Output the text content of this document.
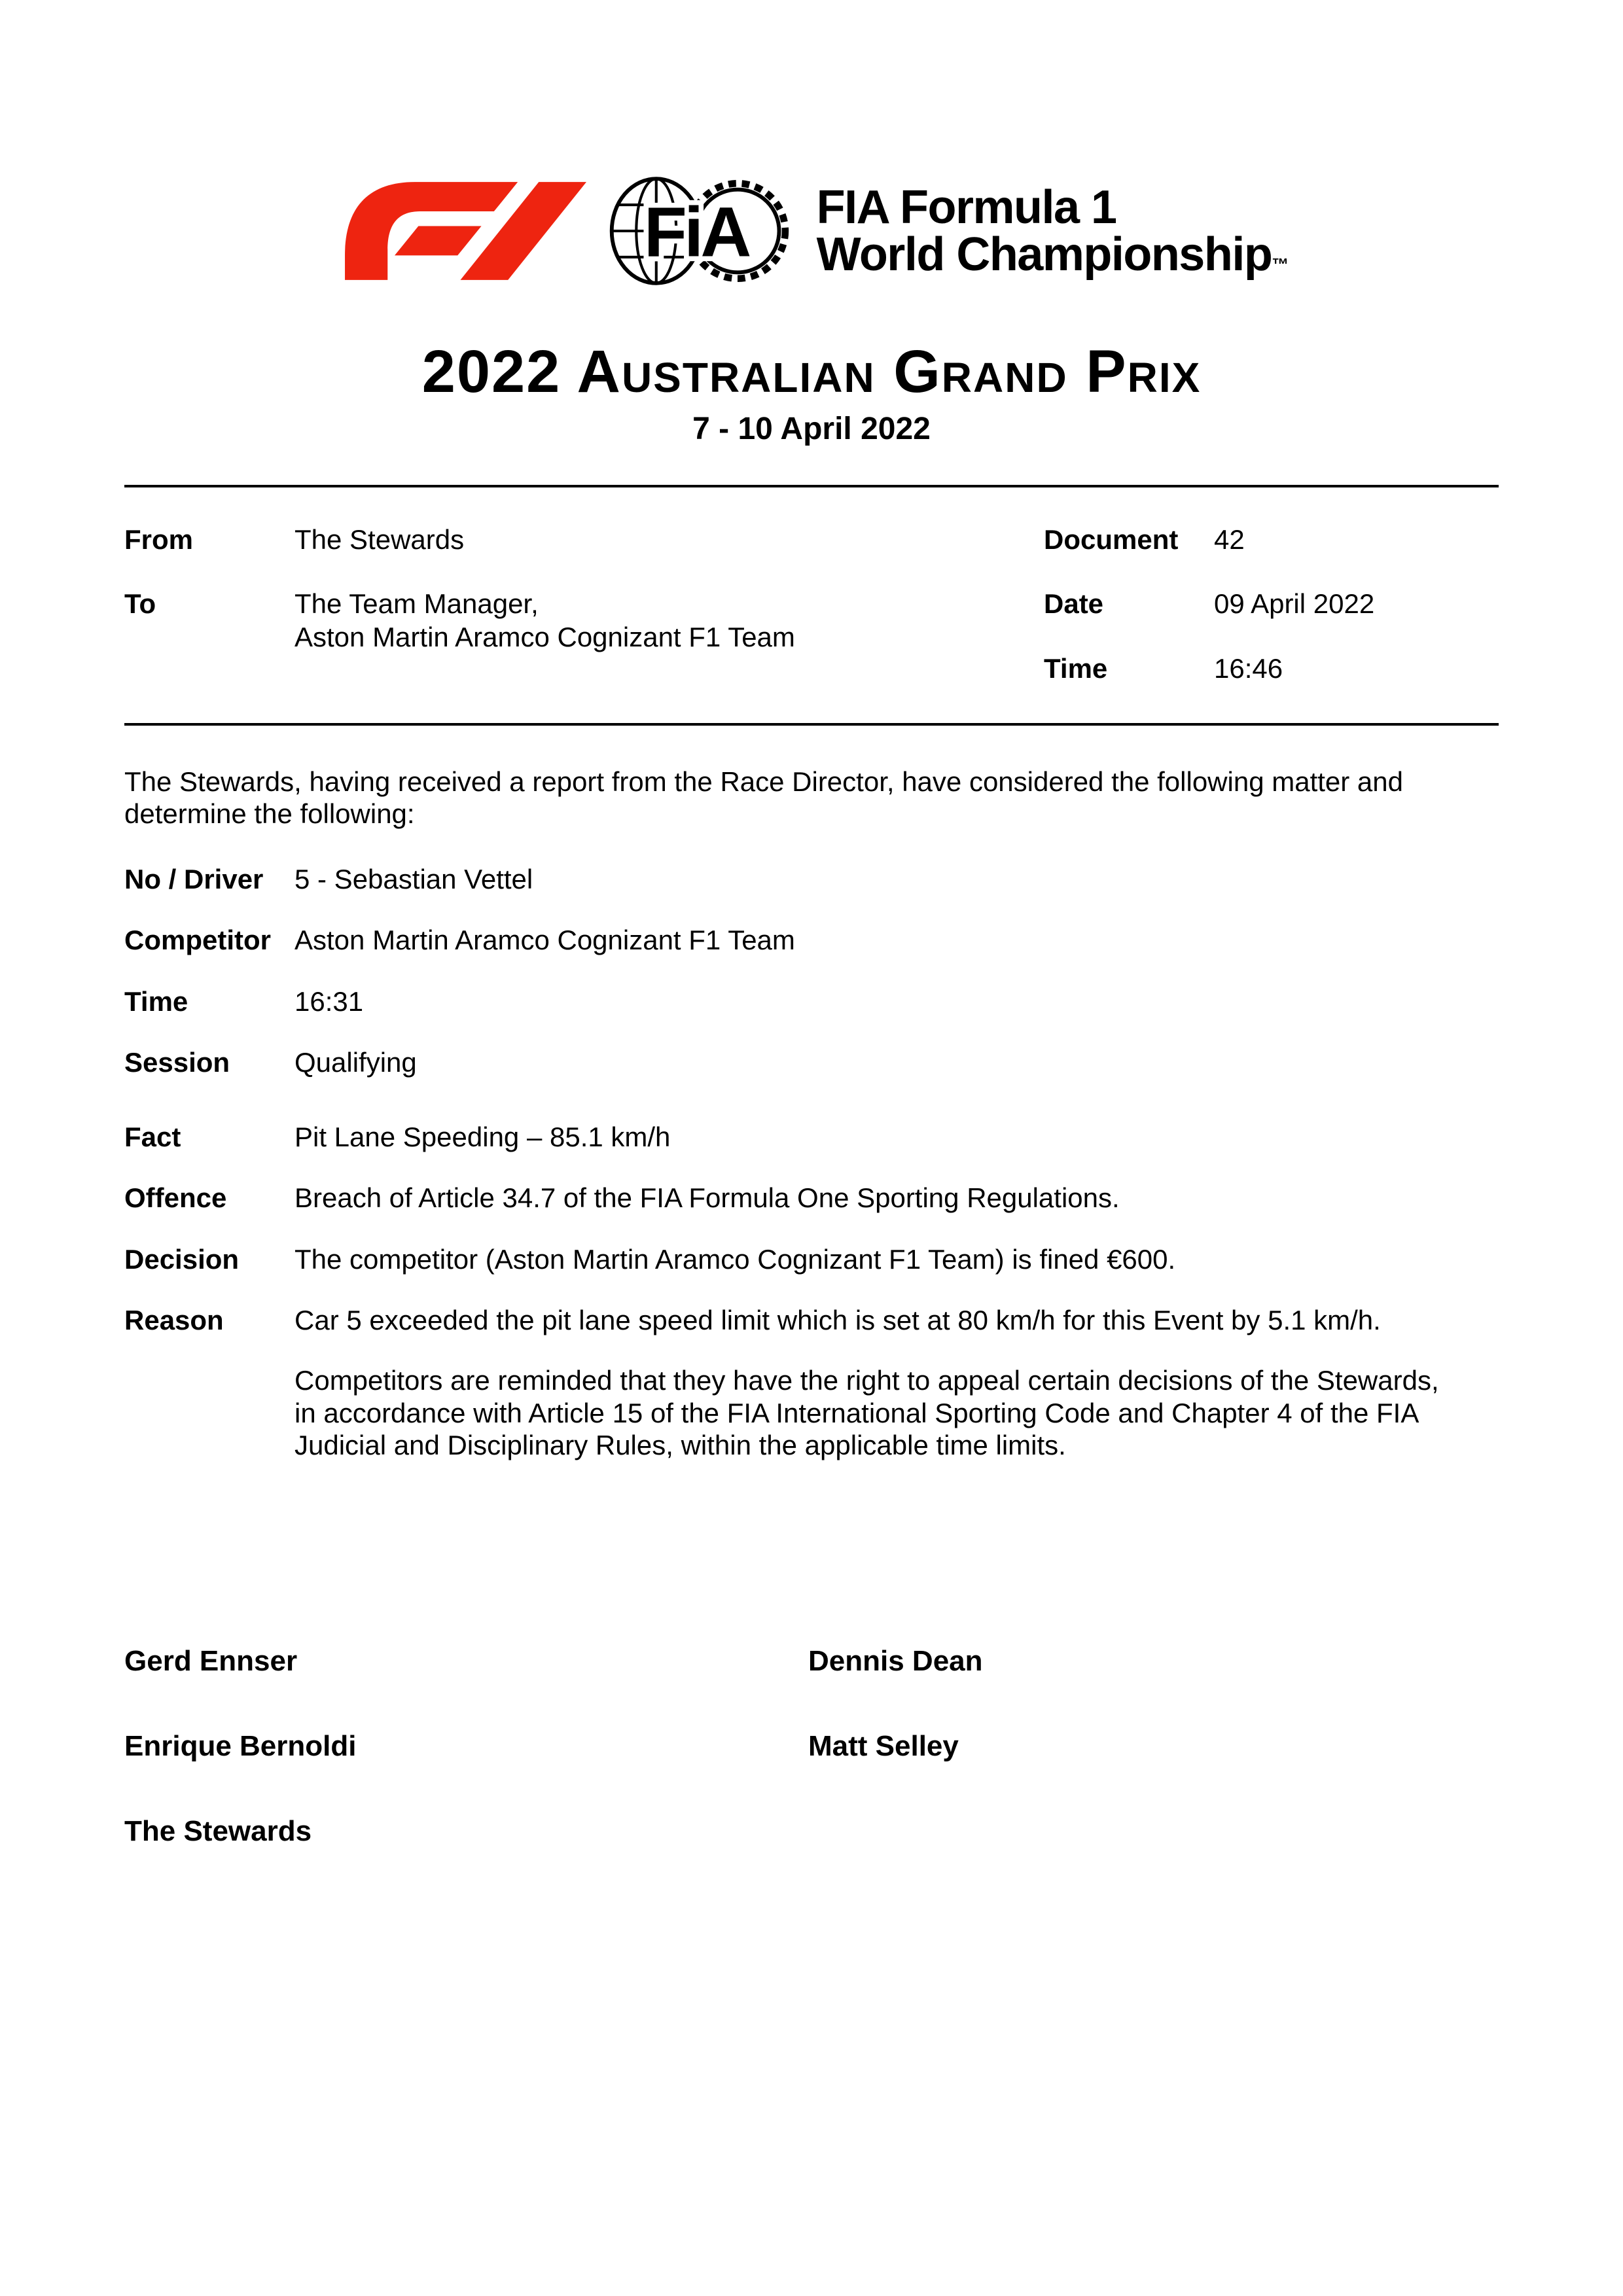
FiA FIA Formula 1
World Championship™
2022 Australian Grand Prix
7 - 10 April 2022
From	The Stewards
To	The Team Manager,
Aston Martin Aramco Cognizant F1 Team
Document	42
Date	09 April 2022
Time	16:46

The Stewards, having received a report from the Race Director, have considered the following matter and determine the following:

No / Driver	5 - Sebastian Vettel
Competitor Aston Martin Aramco Cognizant F1 Team
Time	16:31
Session	Qualifying
Fact	Pit Lane Speeding – 85.1 km/h
Offence	Breach of Article 34.7 of the FIA Formula One Sporting Regulations.
Decision	The competitor (Aston Martin Aramco Cognizant F1 Team) is fined €600.
Reason	Car 5 exceeded the pit lane speed limit which is set at 80 km/h for this Event by 5.1 km/h.

Competitors are reminded that they have the right to appeal certain decisions of the Stewards, in accordance with Article 15 of the FIA International Sporting Code and Chapter 4 of the FIA Judicial and Disciplinary Rules, within the applicable time limits.

Gerd Ennser	Dennis Dean
Enrique Bernoldi	Matt Selley
The Stewards
